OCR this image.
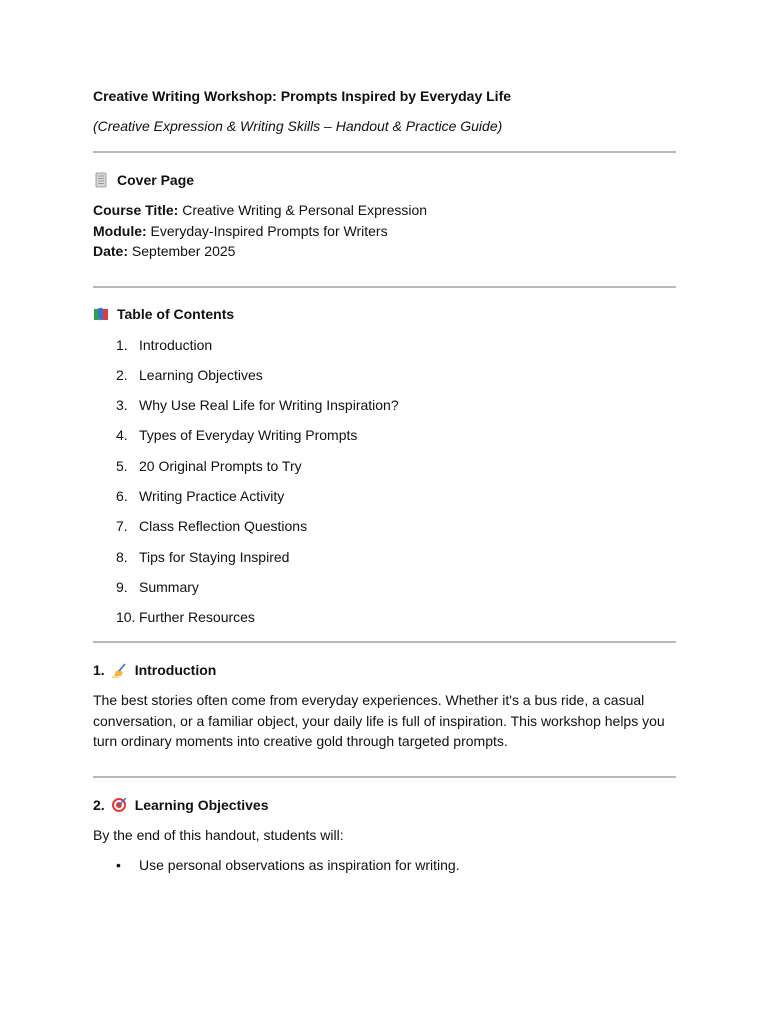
Creative Writing Workshop: Prompts Inspired by Everyday Life

(Creative Expression & Writing Skills – Handout & Practice Guide)

Cover Page

Course Title: Creative Writing & Personal Expression

Module: Everyday-Inspired Prompts for Writers

Date: September 2025

Table of Contents
1. Introduction
2. Learning Objectives
3. Why Use Real Life for Writing Inspiration?
4. Types of Everyday Writing Prompts
5. 20 Original Prompts to Try
6. Writing Practice Activity
7. Class Reflection Questions
8. Tips for Staying Inspired
9. Summary
10. Further Resources
1. Introduction

The best stories often come from everyday experiences. Whether it's a bus ride, a casual conversation, or a familiar object, your daily life is full of inspiration. This workshop helps you turn ordinary moments into creative gold through targeted prompts.

2. Learning Objectives

By the end of this handout, students will:

•	Use personal observations as inspiration for writing.
